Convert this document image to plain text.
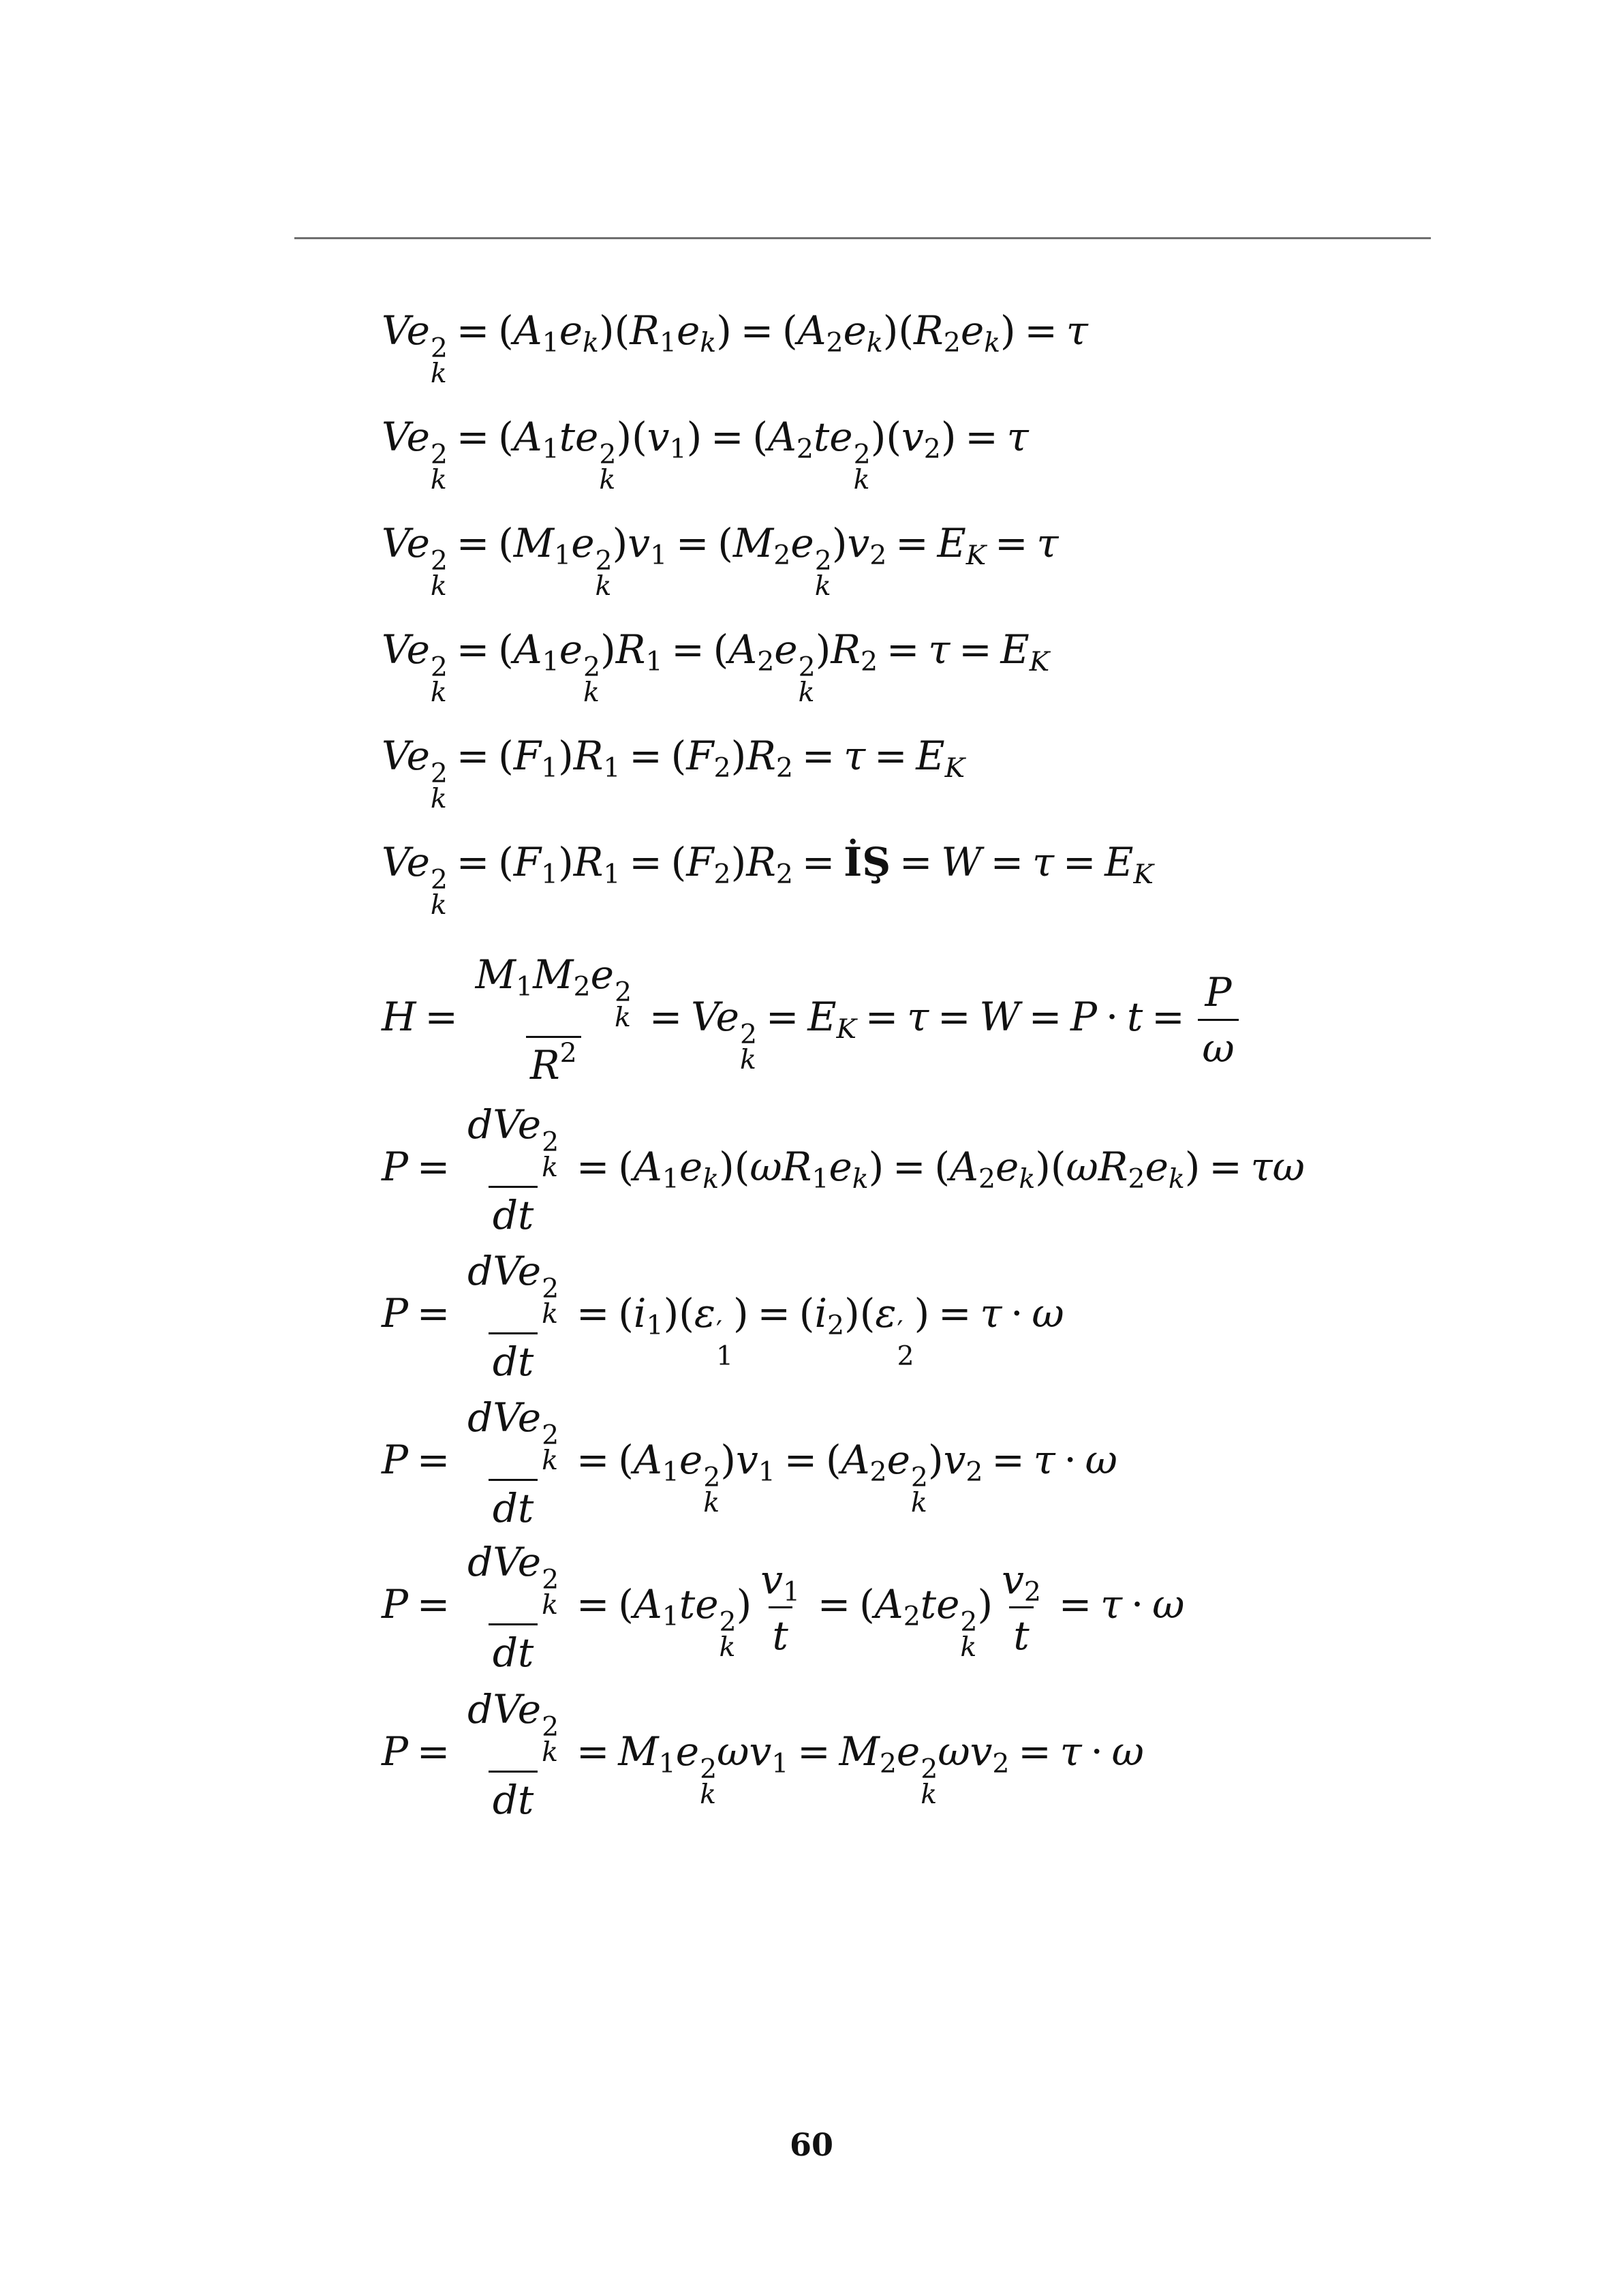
Ve 2
k
= $(A_1e_k)(R_1e_k) = (A_2e_k)(R_2e_k) = \tau$
Ve 2
k
= ($A_1te$ 2
k
)$(v_1) = (A_2te$ 2
k
)$(v_2) = \tau$
Ve 2
k
= ($M_1e$ 2
k
)$v_1 = (M_2e$ 2
k
)$v_2 = E_K = \tau$
Ve 2
k
= ($A_1e$ 2
k
)$R_1 = (A_2e$ 2
k
)$R_2 = \tau = E_K$
Ve 2
k
= $(F_1)R_1 = (F_2)R_2 = \tau = E_K$
Ve 2
k
= $(F_1)R_1 = (F_2)R_2$ = İŞ = $W = \tau = E_K$
$H = M_1M_2e$ 2
k
$R^2 = Ve$ 2
k
= $E_K = \tau = W = P \cdot t = \frac{P}{\omega}$
P = dVe 2
k
dt = $(A_1e_k)(\omega R_1e_k) = (A_2e_k)(\omega R_2e_k) = \tau\omega$
P = dVe 2
k
dt = $(i_1)(\varepsilon$ ′
1
) = $(i_2)(\varepsilon$ ′
2
) = τ · ω
P = dVe 2
k
dt = ($A_1e$ 2
k
)$v_1 = (A_2e$ 2
k
)$v_2 = \tau \cdot \omega$
P = dVe 2
k
dt = ($A_1te$ 2
k
) $\frac{v_1}{t} = (A_2te$ 2
k
) $\frac{v_2}{t} = \tau \cdot \omega$
P = dVe 2
k
dt = $M_1e$ 2
k
$\omega v_1 = M_2e$ 2
k
$\omega v_2 = \tau \cdot \omega$
60
